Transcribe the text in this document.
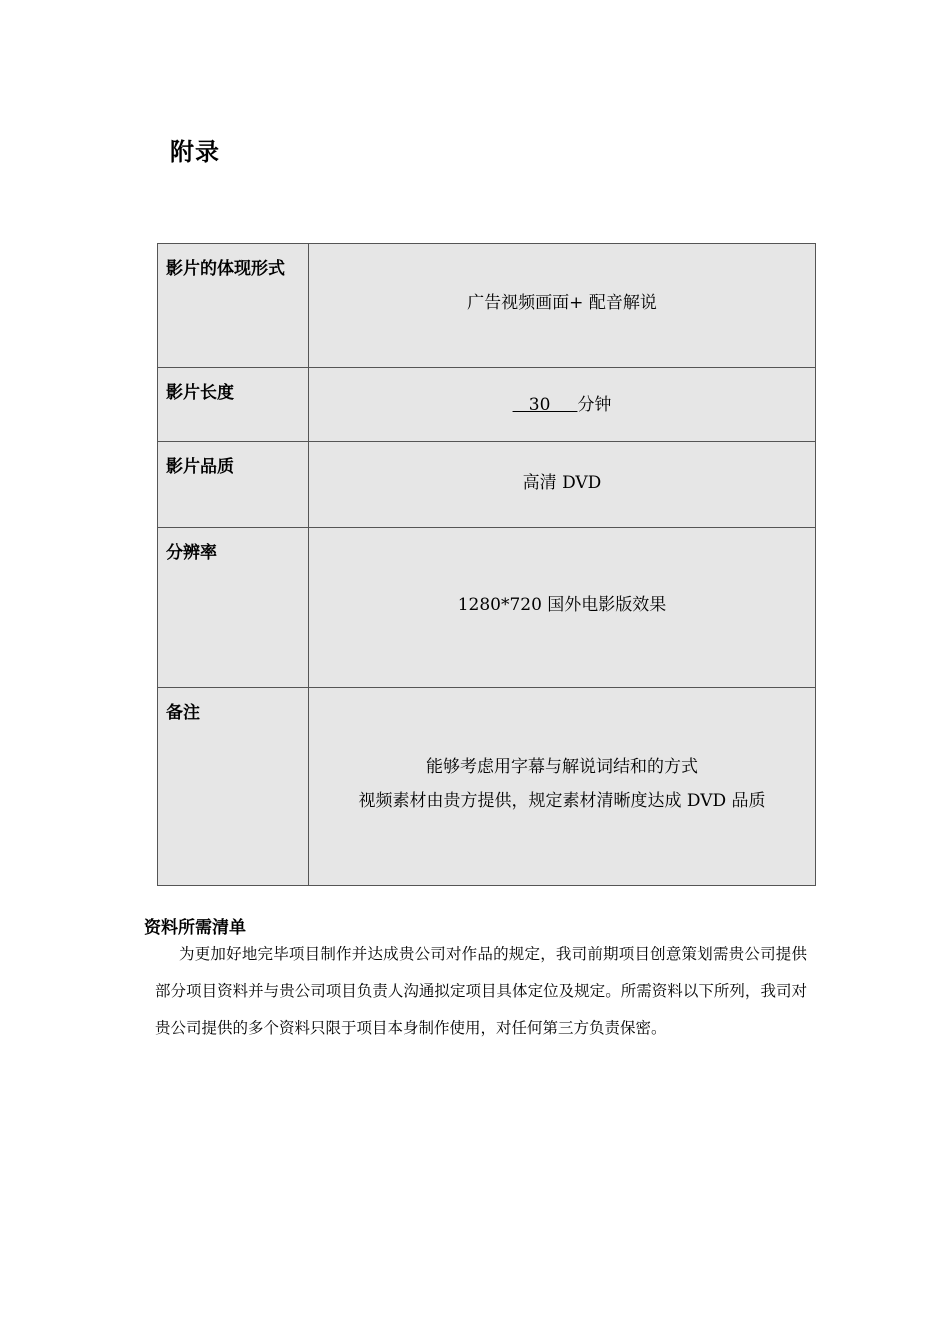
附录
影片的体现形式	广告视频画面+ 配音解说

影片长度	30     分钟

影片品质	高清 DVD

分辨率	1280*720 国外电影版效果

备注	能够考虑用字幕与解说词结和的方式
视频素材由贵方提供，规定素材清晰度达成 DVD 品质
资料所需清单

为更加好地完毕项目制作并达成贵公司对作品的规定，我司前期项目创意策划需贵公司提供部分项目资料并与贵公司项目负责人沟通拟定项目具体定位及规定。所需资料以下所列，我司对贵公司提供的多个资料只限于项目本身制作使用，对任何第三方负责保密。
